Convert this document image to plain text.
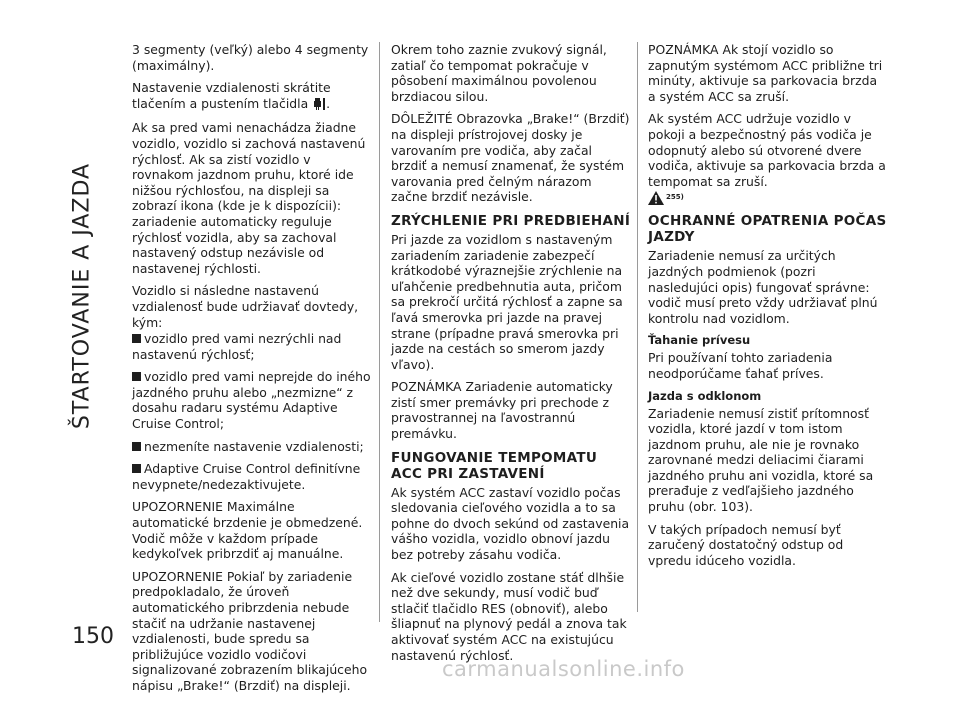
ŠTARTOVANIE A JAZDA

3 segmenty (veľký) alebo 4 segmenty (maximálny).

Nastavenie vzdialenosti skrátite tlačením a pustením tlačidla .

Ak sa pred vami nenachádza žiadne vozidlo, vozidlo si zachová nastavenú rýchlosť. Ak sa zistí vozidlo v rovnakom jazdnom pruhu, ktoré ide nižšou rýchlosťou, na displeji sa zobrazí ikona (kde je k dispozícii): zariadenie automaticky reguluje rýchlosť vozidla, aby sa zachoval nastavený odstup nezávisle od nastavenej rýchlosti.

Vozidlo si následne nastavenú vzdialenosť bude udržiavať dovtedy, kým:

vozidlo pred vami nezrýchli nad nastavenú rýchlosť;

vozidlo pred vami neprejde do iného jazdného pruhu alebo „nezmizne“ z dosahu radaru systému Adaptive Cruise Control;

nezmeníte nastavenie vzdialenosti;

Adaptive Cruise Control definitívne nevypnete/nedezaktivujete.

UPOZORNENIE Maximálne automatické brzdenie je obmedzené. Vodič môže v každom prípade kedykoľvek pribrzdiť aj manuálne.

UPOZORNENIE Pokiaľ by zariadenie predpokladalo, že úroveň automatického pribrzdenia nebude stačiť na udržanie nastavenej vzdialenosti, bude spredu sa približujúce vozidlo vodičovi signalizované zobrazením blikajúceho nápisu „Brake!“ (Brzdiť) na displeji.

Okrem toho zaznie zvukový signál, zatiaľ čo tempomat pokračuje v pôsobení maximálnou povolenou brzdiacou silou.

DÔLEŽITÉ Obrazovka „Brake!“ (Brzdiť) na displeji prístrojovej dosky je varovaním pre vodiča, aby začal brzdiť a nemusí znamenať, že systém varovania pred čelným nárazom začne brzdiť nezávisle.

ZRÝCHLENIE PRI PREDBIEHANÍ

Pri jazde za vozidlom s nastaveným zariadením zariadenie zabezpečí krátkodobé výraznejšie zrýchlenie na uľahčenie predbehnutia auta, pričom sa prekročí určitá rýchlosť a zapne sa ľavá smerovka pri jazde na pravej strane (prípadne pravá smerovka pri jazde na cestách so smerom jazdy vľavo).

POZNÁMKA Zariadenie automaticky zistí smer premávky pri prechode z pravostrannej na ľavostrannú premávku.

FUNGOVANIE TEMPOMATU ACC PRI ZASTAVENÍ

Ak systém ACC zastaví vozidlo počas sledovania cieľového vozidla a to sa pohne do dvoch sekúnd od zastavenia vášho vozidla, vozidlo obnoví jazdu bez potreby zásahu vodiča.

Ak cieľové vozidlo zostane stáť dlhšie než dve sekundy, musí vodič buď stlačiť tlačidlo RES (obnoviť), alebo šliapnuť na plynový pedál a znova tak aktivovať systém ACC na existujúcu nastavenú rýchlosť.

POZNÁMKA Ak stojí vozidlo so zapnutým systémom ACC približne tri minúty, aktivuje sa parkovacia brzda a systém ACC sa zruší.

Ak systém ACC udržuje vozidlo v pokoji a bezpečnostný pás vodiča je odopnutý alebo sú otvorené dvere vodiča, aktivuje sa parkovacia brzda a tempomat sa zruší.

255)
OCHRANNÉ OPATRENIA POČAS JAZDY

Zariadenie nemusí za určitých jazdných podmienok (pozri nasledujúci opis) fungovať správne: vodič musí preto vždy udržiavať plnú kontrolu nad vozidlom.

Ťahanie prívesu

Pri používaní tohto zariadenia neodporúčame ťahať príves.

Jazda s odklonom

Zariadenie nemusí zistiť prítomnosť vozidla, ktoré jazdí v tom istom jazdnom pruhu, ale nie je rovnako zarovnané medzi deliacimi čiarami jazdného pruhu ani vozidla, ktoré sa prerađuje z vedľajšieho jazdného pruhu (obr. 103).

V takých prípadoch nemusí byť zaručený dostatočný odstup od vpredu idúceho vozidla.

150
carmanualsonline.info
